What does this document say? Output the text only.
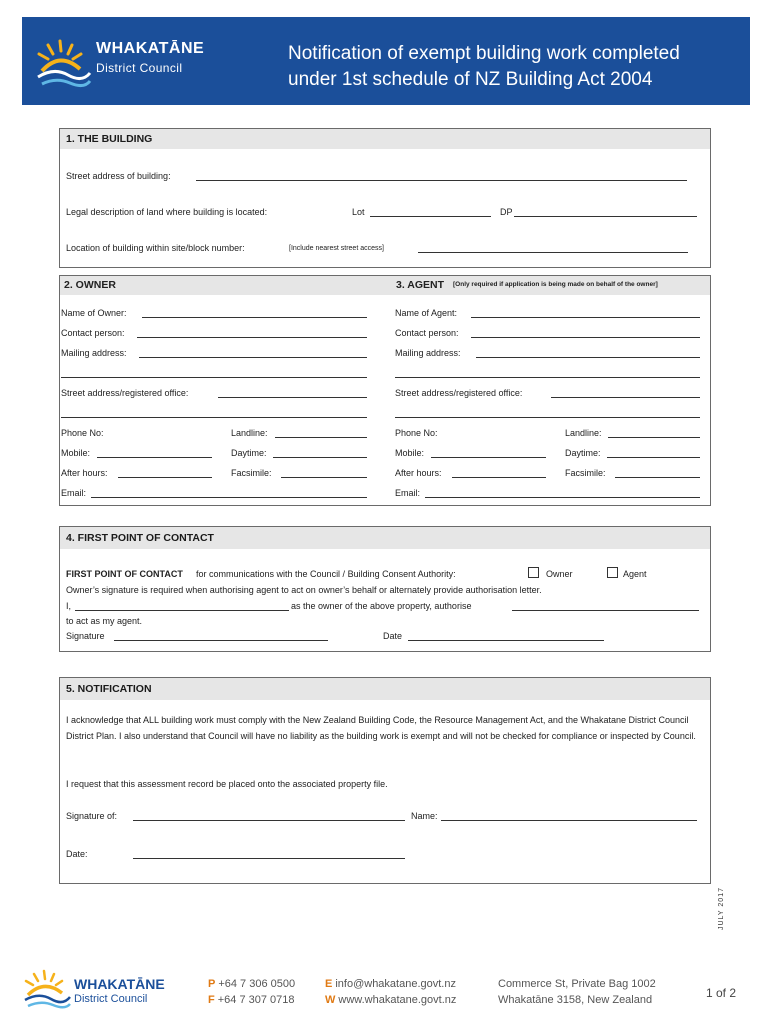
WHAKATĀNE
District Council
Notification of exempt building work completed
under 1st schedule of NZ Building Act 2004
1. THE BUILDING
Street address of building:
Legal description of land where building is located:	Lot	DP
Location of building within site/block number:	[Include nearest street access]
2. OWNER	3. AGENT [Only required if application is being made on behalf of the owner]
Name of Owner:
Contact person:
Mailing address:
Street address/registered office:
Phone No:	Landline:
Mobile:	Daytime:
After hours:	Facsimile:
Email:
Name of Agent:
Contact person:
Mailing address:
Street address/registered office:
Phone No:	Landline:
Mobile:	Daytime:
After hours:	Facsimile:
Email:
4. FIRST POINT OF CONTACT
FIRST POINT OF CONTACT for communications with the Council / Building Consent Authority:	Owner	Agent
Owner’s signature is required when authorising agent to act on owner’s behalf or alternately provide authorisation letter.
I,	as the owner of the above property, authorise
to act as my agent.
Signature	Date
5. NOTIFICATION
I acknowledge that ALL building work must comply with the New Zealand Building Code, the Resource Management Act, and the Whakatane District Council District Plan. I also understand that Council will have no liability as the building work is exempt and will not be checked for compliance or inspected by Council.
I request that this assessment record be placed onto the associated property file.
Signature of:	Name:
Date:
JULY 2017
WHAKATĀNE
District Council
P +64 7 306 0500
F +64 7 307 0718
E info@whakatane.govt.nz
W www.whakatane.govt.nz
Commerce St, Private Bag 1002
Whakatāne 3158, New Zealand	1 of 2
